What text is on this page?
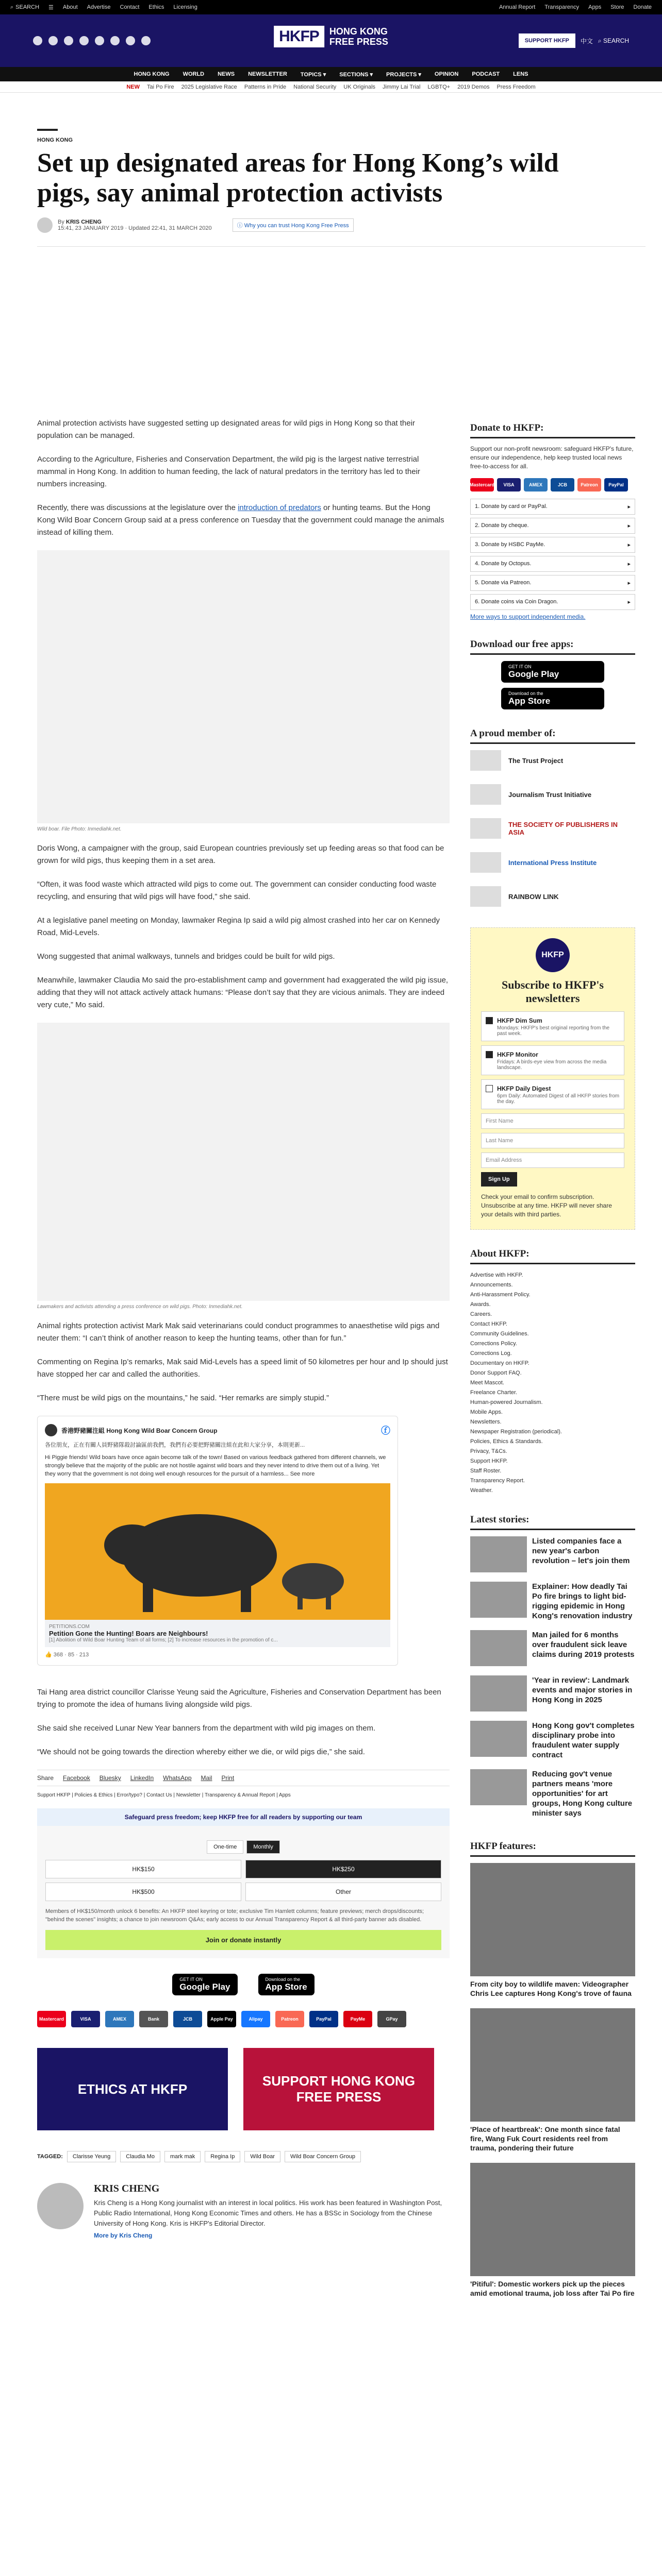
⌕ SEARCH ☰ About Advertise Contact Ethics Licensing	Annual Report Transparency Apps Store Donate
HKFP	HONG KONG
FREE PRESS	SUPPORT HKFP	中文 ⌕ SEARCH
HONG KONG WORLD NEWS NEWSLETTER TOPICS ▾ SECTIONS ▾ PROJECTS ▾ OPINION PODCAST LENS
NEW Tai Po Fire 2025 Legislative Race Patterns in Pride National Security UK Originals Jimmy Lai Trial LGBTQ+ 2019 Demos Press Freedom
HONG KONG
Set up designated areas for Hong Kong’s wild pigs, say animal protection activists
By KRIS CHENG
15:41, 23 JANUARY 2019 · Updated 22:41, 31 MARCH 2020	ⓘ Why you can trust Hong Kong Free Press

Animal protection activists have suggested setting up designated areas for wild pigs in Hong Kong so that their population can be managed.

According to the Agriculture, Fisheries and Conservation Department, the wild pig is the largest native terrestrial mammal in Hong Kong. In addition to human feeding, the lack of natural predators in the territory has led to their numbers increasing.

Recently, there was discussions at the legislature over the introduction of predators or hunting teams. But the Hong Kong Wild Boar Concern Group said at a press conference on Tuesday that the government could manage the animals instead of killing them.

Wild boar. File Photo: Inmediahk.net.

Doris Wong, a campaigner with the group, said European countries previously set up feeding areas so that food can be grown for wild pigs, thus keeping them in a set area.

“Often, it was food waste which attracted wild pigs to come out. The government can consider conducting food waste recycling, and ensuring that wild pigs will have food,” she said.

At a legislative panel meeting on Monday, lawmaker Regina Ip said a wild pig almost crashed into her car on Kennedy Road, Mid-Levels.

Wong suggested that animal walkways, tunnels and bridges could be built for wild pigs.

Meanwhile, lawmaker Claudia Mo said the pro-establishment camp and government had exaggerated the wild pig issue, adding that they will not attack actively attack humans: “Please don’t say that they are vicious animals. They are indeed very cute,” Mo said.

Lawmakers and activists attending a press conference on wild pigs. Photo: Inmediahk.net.

Animal rights protection activist Mark Mak said veterinarians could conduct programmes to anaesthetise wild pigs and neuter them: “I can’t think of another reason to keep the hunting teams, other than for fun.”

Commenting on Regina Ip’s remarks, Mak said Mid-Levels has a speed limit of 50 kilometres per hour and Ip should just have stopped her car and called the authorities.

“There must be wild pigs on the mountains,” he said. “Her remarks are simply stupid.”

香港野豬關注組 Hong Kong Wild Boar Concern Group	ⓕ
各位朋友，正在有關人員野豬隊殺討論區前我們，我們有必要把野豬關注組在此和大家分享，本則更新...
Hi Piggie friends! Wild boars have once again become talk of the town! Based on various feedback gathered from different channels, we strongly believe that the majority of the public are not hostile against wild boars and they never intend to drive them out of a living. Yet they worry that the government is not doing well enough resources for the pursuit of a harmless... See more
PETITIONS.COM
Petition Gone the Hunting! Boars are Neighbours!
[1] Abolition of Wild Boar Hunting Team of all forms; [2] To increase resources in the promotion of c...
👍 368 · 85 · 213

Tai Hang area district councillor Clarisse Yeung said the Agriculture, Fisheries and Conservation Department has been trying to promote the idea of humans living alongside wild pigs.

She said she received Lunar New Year banners from the department with wild pig images on them.

“We should not be going towards the direction whereby either we die, or wild pigs die,” she said.

Share Facebook Bluesky LinkedIn WhatsApp Mail Print
Support HKFP | Policies & Ethics | Error/typo? | Contact Us | Newsletter | Transparency & Annual Report | Apps
Safeguard press freedom; keep HKFP free for all readers by supporting our team
One-time	Monthly
HK$150	HK$250
HK$500	Other
Members of HK$150/month unlock 6 benefits: An HKFP steel keyring or tote; exclusive Tim Hamlett columns; feature previews; merch drops/discounts; "behind the scenes" insights; a chance to join newsroom Q&As; early access to our Annual Transparency Report & all third-party banner ads disabled.
Join or donate instantly
GET IT ON
Google Play
Download on the
App Store
Mastercard	VISA	AMEX	Bank	JCB	Apple Pay	Alipay	Patreon	PayPal	PayMe	GPay
ETHICS AT HKFP
SUPPORT HONG KONG FREE PRESS
TAGGED:	Clarisse Yeung	Claudia Mo	mark mak	Regina Ip	Wild Boar	Wild Boar Concern Group
KRIS CHENG
Kris Cheng is a Hong Kong journalist with an interest in local politics. His work has been featured in Washington Post, Public Radio International, Hong Kong Economic Times and others. He has a BSSc in Sociology from the Chinese University of Hong Kong. Kris is HKFP's Editorial Director.
More by Kris Cheng
Donate to HKFP:
Support our non-profit newsroom: safeguard HKFP's future, ensure our independence, help keep trusted local news free-to-access for all.
Mastercard	VISA	AMEX	JCB	Patreon	PayPal
1. Donate by card or PayPal.	▸
2. Donate by cheque.	▸
3. Donate by HSBC PayMe.	▸
4. Donate by Octopus.	▸
5. Donate via Patreon.	▸
6. Donate coins via Coin Dragon.	▸
More ways to support independent media.
Download our free apps:
GET IT ON
Google Play
Download on the
App Store
A proud member of:
The Trust Project
Journalism Trust Initiative
THE SOCIETY OF PUBLISHERS IN ASIA
International Press Institute
RAINBOW LINK
HKFP
Subscribe to HKFP's newsletters
HKFP Dim Sum

Mondays: HKFP's best original reporting from the past week.

HKFP Monitor

Fridays: A birds-eye view from across the media landscape.

HKFP Daily Digest

6pm Daily: Automated Digest of all HKFP stories from the day.

First Name
Last Name
Email Address
Sign Up
Check your email to confirm subscription. Unsubscribe at any time. HKFP will never share your details with third parties.
About HKFP:
Advertise with HKFP.
Announcements.
Anti-Harassment Policy.
Awards.
Careers.
Contact HKFP.
Community Guidelines.
Corrections Policy.
Corrections Log.
Documentary on HKFP.
Donor Support FAQ.
Meet Mascot.
Freelance Charter.
Human-powered Journalism.
Mobile Apps.
Newsletters.
Newspaper Registration (periodical).
Policies, Ethics & Standards.
Privacy, T&Cs.
Support HKFP.
Staff Roster.
Transparency Report.
Weather.
Latest stories:
Listed companies face a new year's carbon revolution – let's join them
Explainer: How deadly Tai Po fire brings to light bid-rigging epidemic in Hong Kong's renovation industry
Man jailed for 6 months over fraudulent sick leave claims during 2019 protests
'Year in review': Landmark events and major stories in Hong Kong in 2025
Hong Kong gov't completes disciplinary probe into fraudulent water supply contract
Reducing gov't venue partners means 'more opportunities' for art groups, Hong Kong culture minister says
HKFP features:
From city boy to wildlife maven: Videographer Chris Lee captures Hong Kong's trove of fauna
'Place of heartbreak': One month since fatal fire, Wang Fuk Court residents reel from trauma, pondering their future
'Pitiful': Domestic workers pick up the pieces amid emotional trauma, job loss after Tai Po fire
